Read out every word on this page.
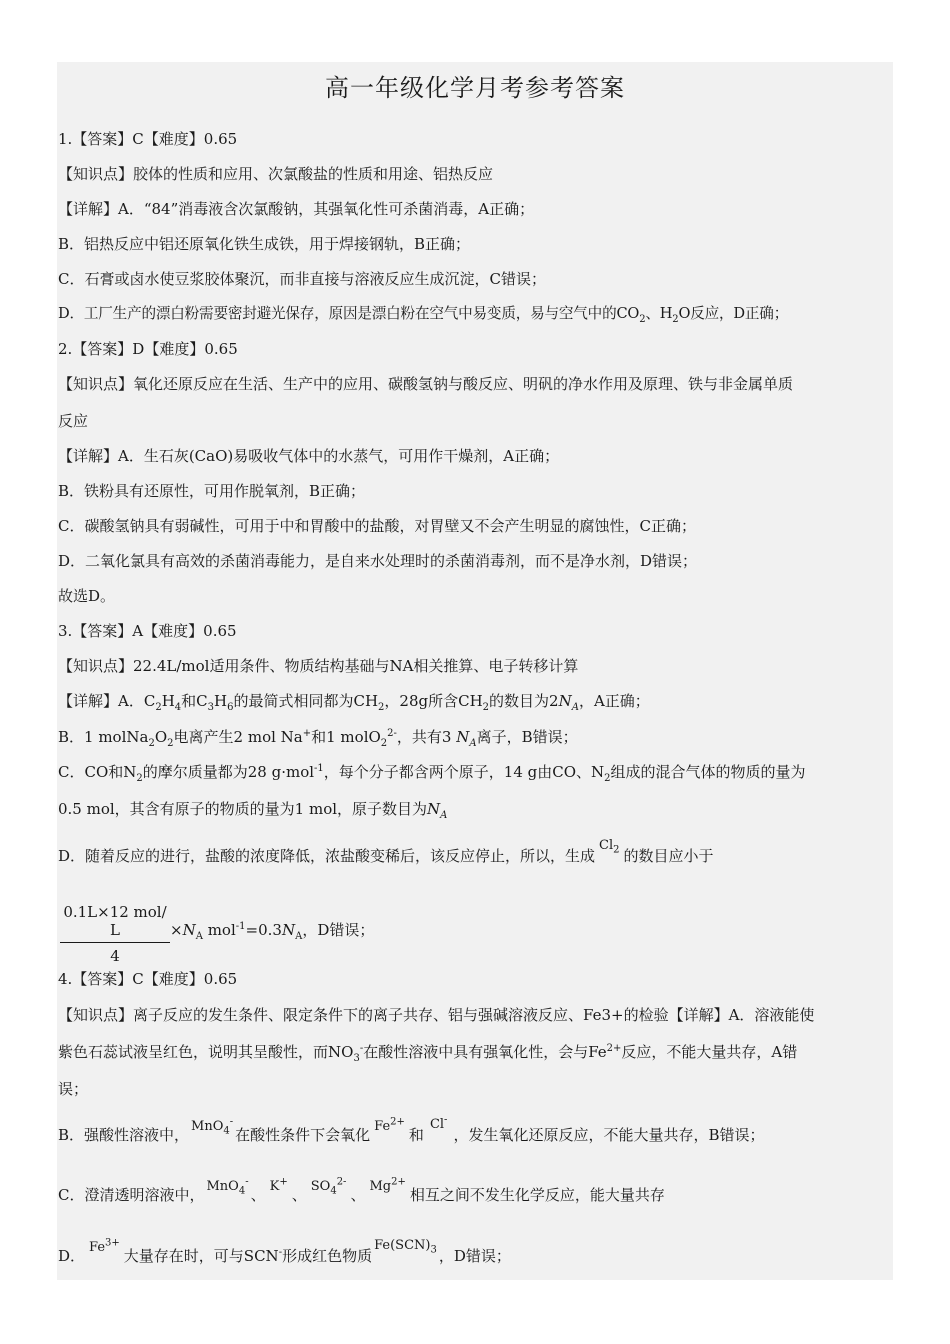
高一年级化学月考参考答案
1.【答案】C【难度】0.65
【知识点】胶体的性质和应用、次氯酸盐的性质和用途、铝热反应
【详解】A．“84”消毒液含次氯酸钠，其强氧化性可杀菌消毒，A正确；
B．铝热反应中铝还原氧化铁生成铁，用于焊接钢轨，B正确；
C．石膏或卤水使豆浆胶体聚沉，而非直接与溶液反应生成沉淀，C错误；
D．工厂生产的漂白粉需要密封避光保存，原因是漂白粉在空气中易变质，易与空气中的$CO_2$、$H_2O$反应，D正确；
2.【答案】D【难度】0.65
【知识点】氧化还原反应在生活、生产中的应用、碳酸氢钠与酸反应、明矾的净水作用及原理、铁与非金属单质
反应
【详解】A．生石灰(CaO)易吸收气体中的水蒸气，可用作干燥剂，A正确；
B．铁粉具有还原性，可用作脱氧剂，B正确；
C．碳酸氢钠具有弱碱性，可用于中和胃酸中的盐酸，对胃壁又不会产生明显的腐蚀性，C正确；
D．二氧化氯具有高效的杀菌消毒能力，是自来水处理时的杀菌消毒剂，而不是净水剂，D错误；
故选D。
3.【答案】A【难度】0.65
【知识点】22.4L/mol适用条件、物质结构基础与NA相关推算、电子转移计算
【详解】A．$C_2H_4$和$C_3H_6$的最简式相同都为$CH_2$，28g所含$CH_2$的数目为$2N_A$，A正确；
B．1 $molNa_2O_2$电离产生2 mol Na+和1 molO$_2^{2-}$，共有3 $N_A$离子，B错误；
C．CO和$N_2$的摩尔质量都为28 g·mol$^{-1}$，每个分子都含两个原子，14 g由CO、$N_2$组成的混合气体的物质的量为
0.5 mol，其含有原子的物质的量为1 mol，原子数目为$N_A$
D．随着反应的进行，盐酸的浓度降低，浓盐酸变稀后，该反应停止，所以，生成$Cl_2$ 的数目应小于
0.1L×12 mol/ L
4
$\times N_A$ $mol^{-1}=0.3N_A$，D错误；
4.【答案】C【难度】0.65
【知识点】离子反应的发生条件、限定条件下的离子共存、铝与强碱溶液反应、Fe3+的检验【详解】A．溶液能使
紫色石蕊试液呈红色，说明其呈酸性，而$NO_3^-$在酸性溶液中具有强氧化性，会与$Fe^{2+}$反应，不能大量共存，A错
误；
B．强酸性溶液中， MnO$_4$-在酸性条件下会氧化 $Fe^{2+}$和Cl-，发生氧化还原反应，不能大量共存，B错误；
C．澄清透明溶液中， MnO$_4$-、 K+、 $SO_4^{2-}$、 $Mg^{2+}$相互之间不发生化学反应，能大量共存
D． $Fe^{3+}$大量存在时，可与SCN-形成红色物质$Fe(SCN)_3$ ，D错误；
